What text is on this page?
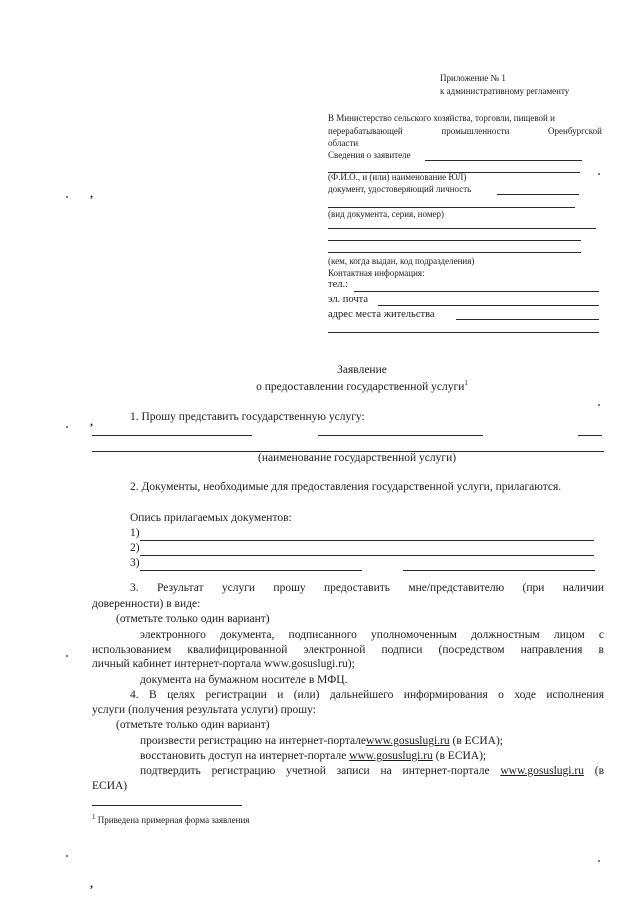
,
,
,
Приложение № 1
к административному регламенту
В Министерство сельского хозяйства, торговли, пищевой и
перерабатывающей	промышленности	Оренбургской
области
Сведения о заявителе
(Ф.И.О., и (или) наименование ЮЛ)
документ, удостоверяющий личность
(вид документа, серия, номер)
(кем, когда выдан, код подразделения)
Контактная информация:
тел.:
эл. почта
адрес места жительства
Заявление
о предоставлении государственной услуги$^1$
1. Прошу представить государственную услугу:
(наименование государственной услуги)
2. Документы, необходимые для предоставления государственной услуги, прилагаются.
Опись прилагаемых документов:
1)
2)
3)
3. Результат услуги прошу предоставить мне/представителю (при наличии
доверенности) в виде:
(отметьте только один вариант)
электронного документа, подписанного уполномоченным должностным лицом с
использованием квалифицированной электронной подписи (посредством направления в
личный кабинет интернет-портала www.gosuslugi.ru);
документа на бумажном носителе в МФЦ.
4. В целях регистрации и (или) дальнейшего информирования о ходе исполнения
услуги (получения результата услуги) прошу:
(отметьте только один вариант)
произвести регистрацию на интернет-порталеwww.gosuslugi.ru (в ЕСИА);
восстановить доступ на интернет-портале www.gosuslugi.ru (в ЕСИА);
подтвердить регистрацию учетной записи на интернет-портале www.gosuslugi.ru (в
ЕСИА)
$^1$ Приведена примерная форма заявления
